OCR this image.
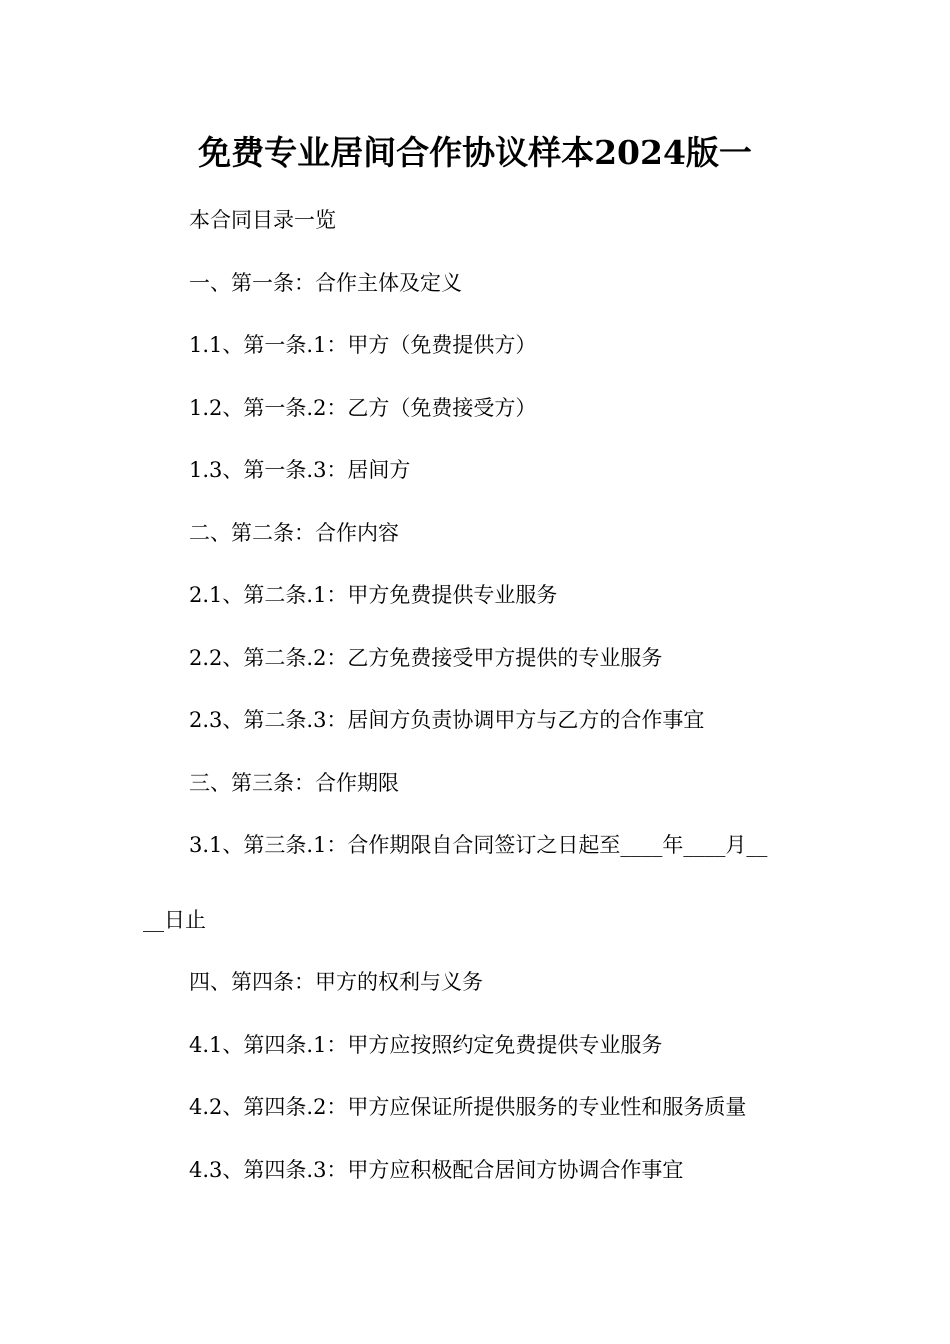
免费专业居间合作协议样本2024版一

本合同目录一览

一、第一条：合作主体及定义

1.1、第一条.1：甲方（免费提供方）

1.2、第一条.2：乙方（免费接受方）

1.3、第一条.3：居间方

二、第二条：合作内容

2.1、第二条.1：甲方免费提供专业服务

2.2、第二条.2：乙方免费接受甲方提供的专业服务

2.3、第二条.3：居间方负责协调甲方与乙方的合作事宜

三、第三条：合作期限

3.1、第三条.1：合作期限自合同签订之日起至____年____月__

__日止

四、第四条：甲方的权利与义务

4.1、第四条.1：甲方应按照约定免费提供专业服务

4.2、第四条.2：甲方应保证所提供服务的专业性和服务质量

4.3、第四条.3：甲方应积极配合居间方协调合作事宜
